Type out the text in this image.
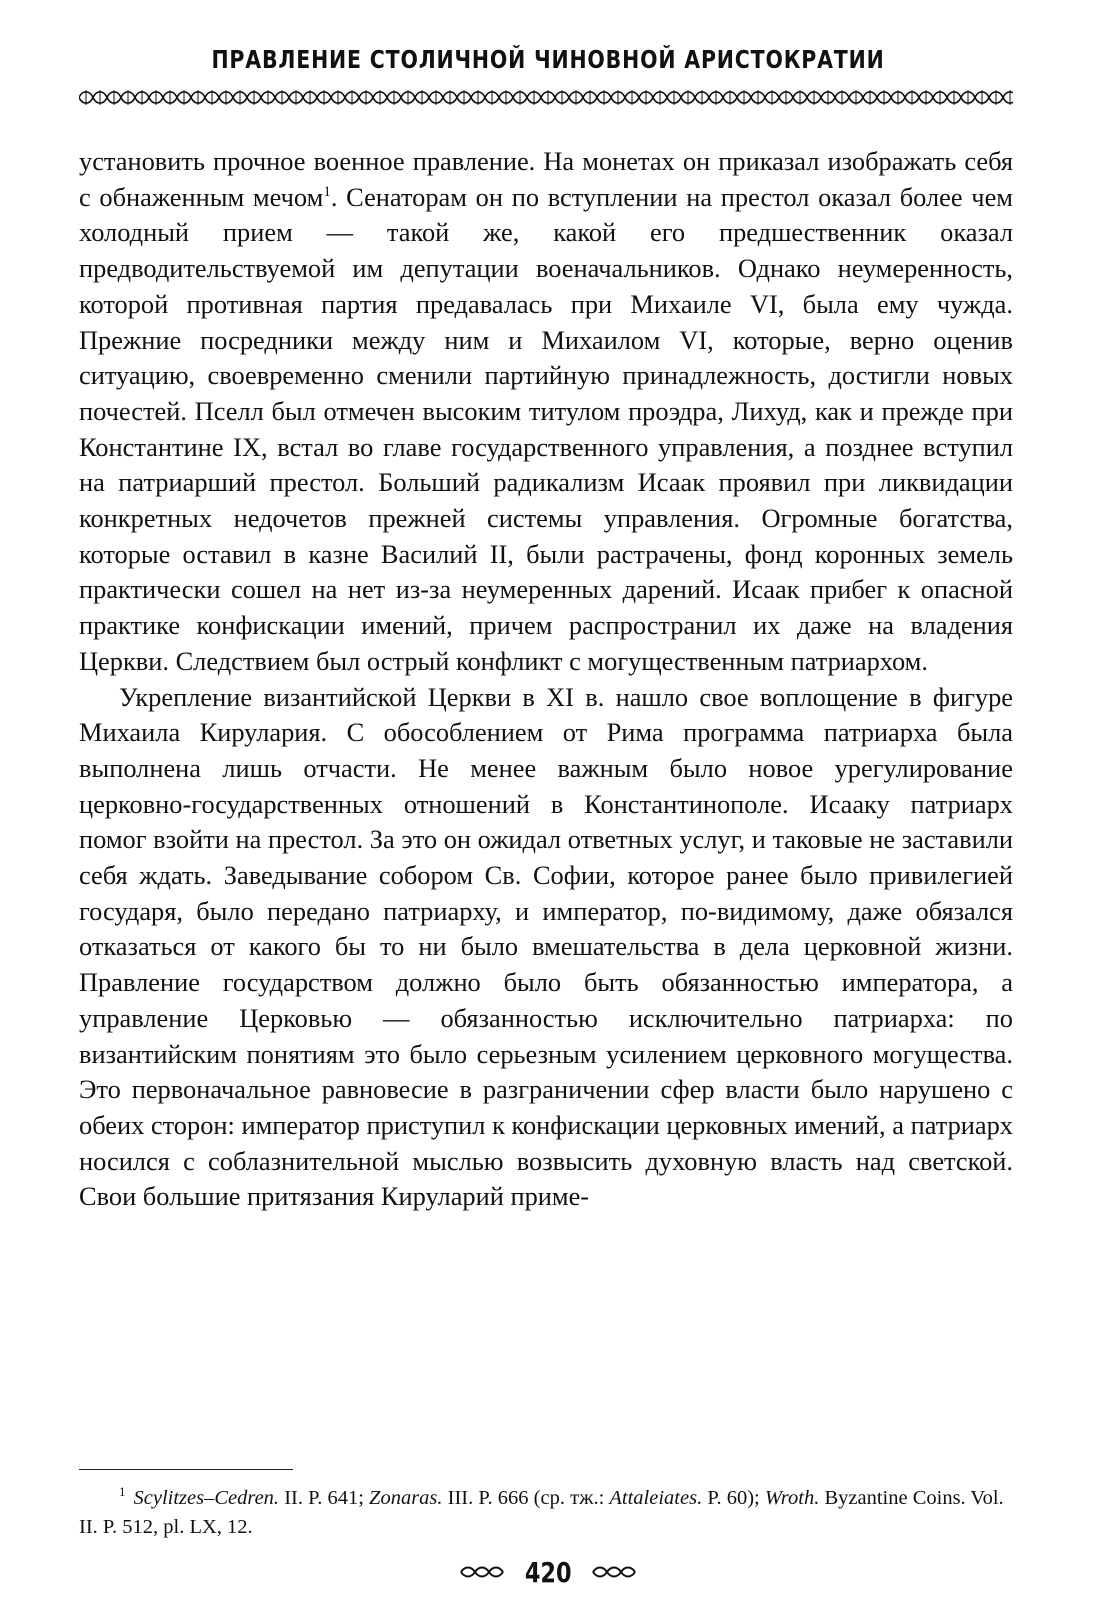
ПРАВЛЕНИЕ СТОЛИЧНОЙ ЧИНОВНОЙ АРИСТОКРАТИИ

установить прочное военное правление. На монетах он приказал изображать себя с обнаженным мечом$^1$. Сенаторам он по вступлении на престол оказал более чем холодный прием — такой же, какой его предшественник оказал предводительствуемой им депутации военачальников. Однако неумеренность, которой противная партия предавалась при Михаиле VI, была ему чужда. Прежние посредники между ним и Михаилом VI, которые, верно оценив ситуацию, своевременно сменили партийную принадлежность, достигли новых почестей. Пселл был отмечен высоким титулом проэдра, Лихуд, как и прежде при Константине IX, встал во главе государственного управления, а позднее вступил на патриарший престол. Больший радикализм Исаак проявил при ликвидации конкретных недочетов прежней системы управления. Огромные богатства, которые оставил в казне Василий II, были растрачены, фонд коронных земель практически сошел на нет из-за неумеренных дарений. Исаак прибег к опасной практике конфискации имений, причем распространил их даже на владения Церкви. Следствием был острый конфликт с могущественным патриархом.

Укрепление византийской Церкви в XI в. нашло свое воплощение в фигуре Михаила Кирулария. С обособлением от Рима программа патриарха была выполнена лишь отчасти. Не менее важным было новое урегулирование церковно-государственных отношений в Константинополе. Исааку патриарх помог взойти на престол. За это он ожидал ответных услуг, и таковые не заставили себя ждать. Заведывание собором Св. Софии, которое ранее было привилегией государя, было передано патриарху, и император, по-видимому, даже обязался отказаться от какого бы то ни было вмешательства в дела церковной жизни. Правление государством должно было быть обязанностью императора, а управление Церковью — обязанностью исключительно патриарха: по византийским понятиям это было серьезным усилением церковного могущества. Это первоначальное равновесие в разграничении сфер власти было нарушено с обеих сторон: император приступил к конфискации церковных имений, а патриарх носился с соблазнительной мыслью возвысить духовную власть над светской. Свои большие притязания Кируларий приме-

$^1$ Scylitzes–Cedren. II. P. 641; Zonaras. III. P. 666 (ср. тж.: Attaleiates. P. 60); Wroth. Byzantine Coins. Vol. II. P. 512, pl. LX, 12.
420
